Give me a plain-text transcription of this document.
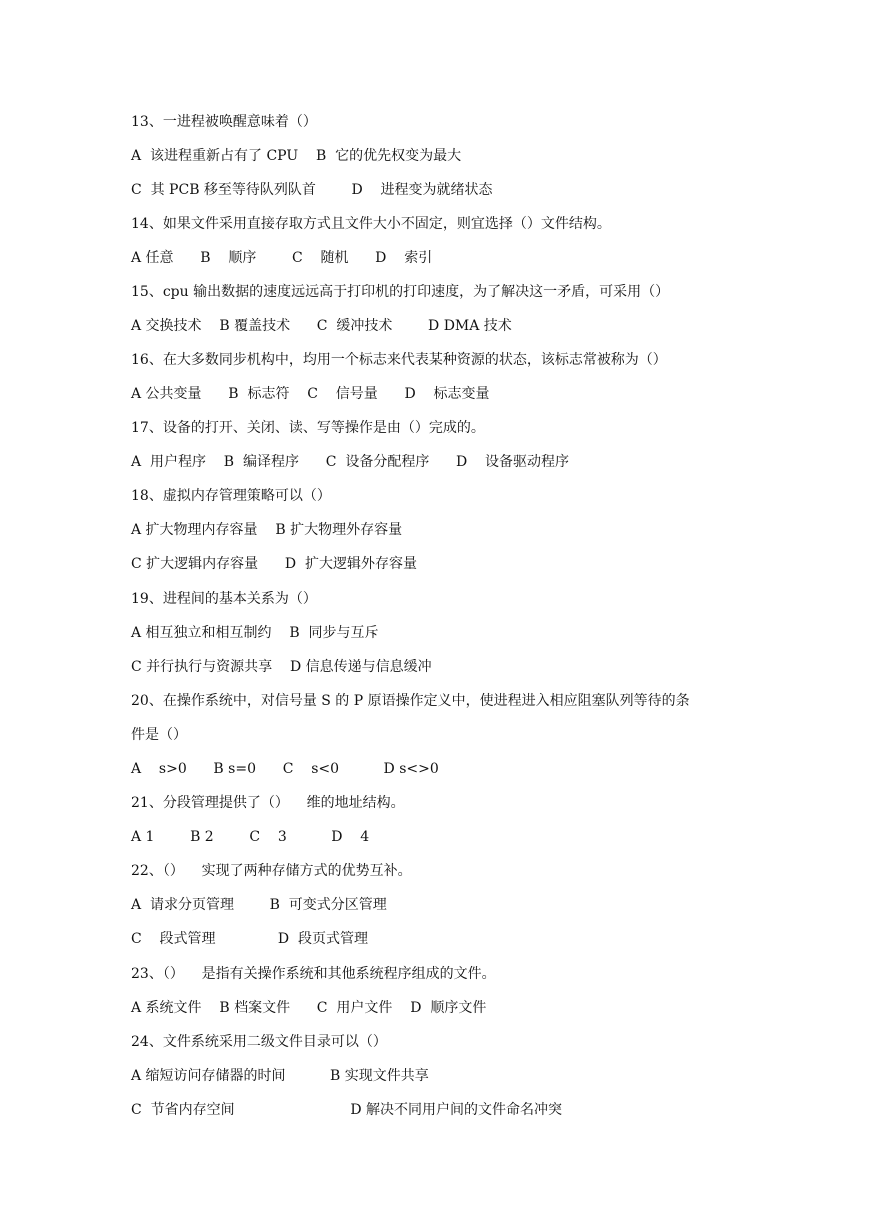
13、一进程被唤醒意味着（）
A  该进程重新占有了 CPU    B  它的优先权变为最大
C  其 PCB 移至等待队列队首        D    进程变为就绪状态
14、如果文件采用直接存取方式且文件大小不固定，则宜选择（）文件结构。
A 任意      B    顺序        C    随机      D    索引
15、cpu 输出数据的速度远远高于打印机的打印速度，为了解决这一矛盾，可采用（）
A 交换技术    B 覆盖技术      C  缓冲技术        D DMA 技术
16、在大多数同步机构中，均用一个标志来代表某种资源的状态，该标志常被称为（）
A 公共变量      B  标志符    C    信号量      D    标志变量
17、设备的打开、关闭、读、写等操作是由（）完成的。
A  用户程序    B  编译程序      C  设备分配程序      D    设备驱动程序
18、虚拟内存管理策略可以（）
A 扩大物理内存容量    B 扩大物理外存容量
C 扩大逻辑内存容量      D  扩大逻辑外存容量
19、进程间的基本关系为（）
A 相互独立和相互制约    B  同步与互斥
C 并行执行与资源共享    D 信息传递与信息缓冲
20、在操作系统中，对信号量 S 的 P 原语操作定义中，使进程进入相应阻塞队列等待的条
件是（）
A    s>0      B s=0      C    s<0          D s<>0
21、分段管理提供了（）    维的地址结构。
A 1        B 2        C    3          D    4
22、（）    实现了两种存储方式的优势互补。
A  请求分页管理        B  可变式分区管理
C    段式管理              D  段页式管理
23、（）    是指有关操作系统和其他系统程序组成的文件。
A 系统文件    B 档案文件      C  用户文件    D  顺序文件
24、文件系统采用二级文件目录可以（）
A 缩短访问存储器的时间          B 实现文件共享
C  节省内存空间                          D 解决不同用户间的文件命名冲突
